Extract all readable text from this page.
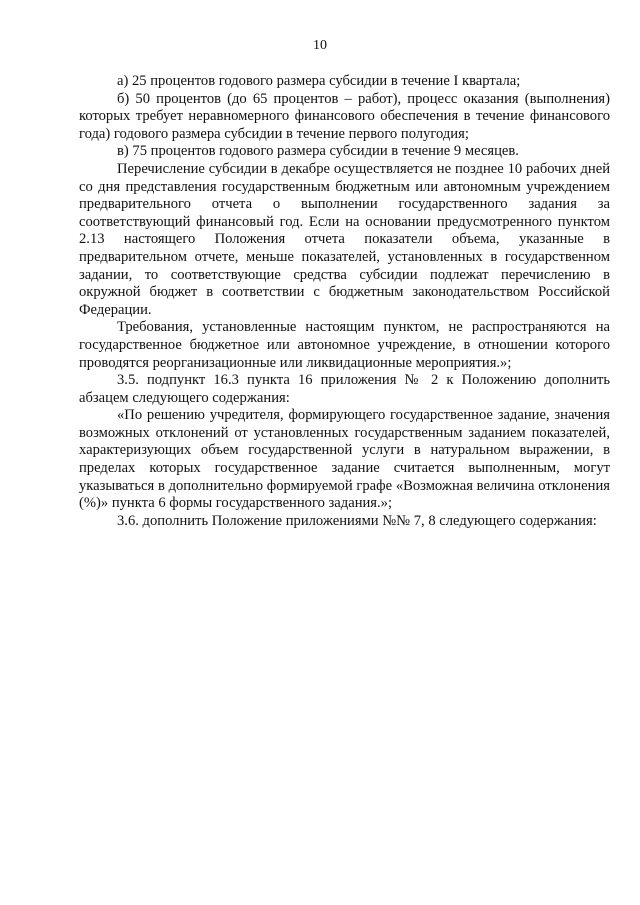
10

а) 25 процентов годового размера субсидии в течение I квартала;

б) 50 процентов (до 65 процентов – работ), процесс оказания (выполнения) которых требует неравномерного финансового обеспечения в течение финансового года) годового размера субсидии в течение первого полугодия;

в) 75 процентов годового размера субсидии в течение 9 месяцев.

Перечисление субсидии в декабре осуществляется не позднее 10 рабочих дней со дня представления государственным бюджетным или автономным учреждением предварительного отчета о выполнении государственного задания за соответствующий финансовый год. Если на основании предусмотренного пунктом 2.13 настоящего Положения отчета показатели объема, указанные в предварительном отчете, меньше показателей, установленных в государственном задании, то соответствующие средства субсидии подлежат перечислению в окружной бюджет в соответствии с бюджетным законодательством Российской Федерации.

Требования, установленные настоящим пунктом, не распространяются на государственное бюджетное или автономное учреждение, в отношении которого проводятся реорганизационные или ликвидационные мероприятия.»;

3.5. подпункт 16.3 пункта 16 приложения № 2 к Положению дополнить абзацем следующего содержания:

«По решению учредителя, формирующего государственное задание, значения возможных отклонений от установленных государственным заданием показателей, характеризующих объем государственной услуги в натуральном выражении, в пределах которых государственное задание считается выполненным, могут указываться в дополнительно формируемой графе «Возможная величина отклонения (%)» пункта 6 формы государственного задания.»;

3.6. дополнить Положение приложениями №№ 7, 8 следующего содержания:
